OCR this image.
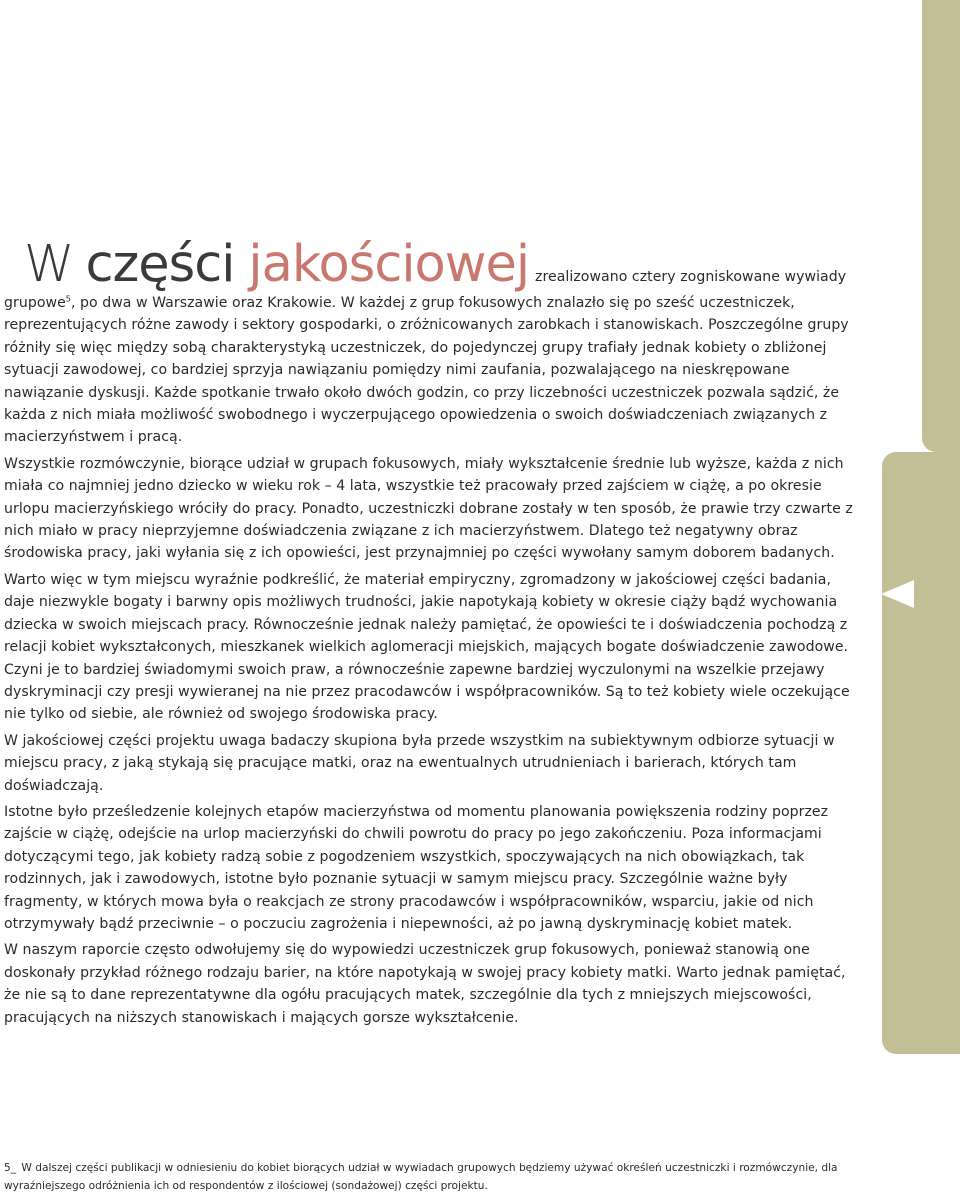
W części jakościowej zrealizowano cztery zogniskowane wywiady

grupowe$^5$, po dwa w Warszawie oraz Krakowie. W każdej z grup fokusowych znalazło się po sześć uczestniczek, reprezentujących różne zawody i sektory gospodarki, o zróżnicowanych zarobkach i stanowiskach. Poszczególne grupy różniły się więc między sobą charakterystyką uczestniczek, do pojedynczej grupy trafiały jednak kobiety o zbliżonej sytuacji zawodowej, co bardziej sprzyja nawiązaniu pomiędzy nimi zaufania, pozwalającego na nieskrępowane nawiązanie dyskusji. Każde spotkanie trwało około dwóch godzin, co przy liczebności uczestniczek pozwala sądzić, że każda z nich miała możliwość swobodnego i wyczerpującego opowiedzenia o swoich doświadczeniach związanych z macierzyństwem i pracą.

Wszystkie rozmówczynie, biorące udział w grupach fokusowych, miały wykształcenie średnie lub wyższe, każda z nich miała co najmniej jedno dziecko w wieku rok – 4 lata, wszystkie też pracowały przed zajściem w ciążę, a po okresie urlopu macierzyńskiego wróciły do pracy. Ponadto, uczestniczki dobrane zostały w ten sposób, że prawie trzy czwarte z nich miało w pracy nieprzyjemne doświadczenia związane z ich macierzyństwem. Dlatego też negatywny obraz środowiska pracy, jaki wyłania się z ich opowieści, jest przynajmniej po części wywołany samym doborem badanych.

Warto więc w tym miejscu wyraźnie podkreślić, że materiał empiryczny, zgromadzony w jakościowej części badania, daje niezwykle bogaty i barwny opis możliwych trudności, jakie napotykają kobiety w okresie ciąży bądź wychowania dziecka w swoich miejscach pracy. Równocześnie jednak należy pamiętać, że opowieści te i doświadczenia pochodzą z relacji kobiet wykształconych, mieszkanek wielkich aglomeracji miejskich, mających bogate doświadczenie zawodowe. Czyni je to bardziej świadomymi swoich praw, a równocześnie zapewne bardziej wyczulonymi na wszelkie przejawy dyskryminacji czy presji wywieranej na nie przez pracodawców i współpracowników. Są to też kobiety wiele oczekujące nie tylko od siebie, ale również od swojego środowiska pracy.

W jakościowej części projektu uwaga badaczy skupiona była przede wszystkim na subiektywnym odbiorze sytuacji w miejscu pracy, z jaką stykają się pracujące matki, oraz na ewentualnych utrudnieniach i barierach, których tam doświadczają.

Istotne było prześledzenie kolejnych etapów macierzyństwa od momentu planowania powiększenia rodziny poprzez zajście w ciążę, odejście na urlop macierzyński do chwili powrotu do pracy po jego zakończeniu. Poza informacjami dotyczącymi tego, jak kobiety radzą sobie z pogodzeniem wszystkich, spoczywających na nich obowiązkach, tak rodzinnych, jak i zawodowych, istotne było poznanie sytuacji w samym miejscu pracy. Szczególnie ważne były fragmenty, w których mowa była o reakcjach ze strony pracodawców i współpracowników, wsparciu, jakie od nich otrzymywały bądź przeciwnie – o poczuciu zagrożenia i niepewności, aż po jawną dyskryminację kobiet matek.

W naszym raporcie często odwołujemy się do wypowiedzi uczestniczek grup fokusowych, ponieważ stanowią one doskonały przykład różnego rodzaju barier, na które napotykają w swojej pracy kobiety matki. Warto jednak pamiętać, że nie są to dane reprezentatywne dla ogółu pracujących matek, szczególnie dla tych z mniejszych miejscowości, pracujących na niższych stanowiskach i mających gorsze wykształcenie.

5_ W dalszej części publikacji w odniesieniu do kobiet biorących udział w wywiadach grupowych będziemy używać określeń uczestniczki i rozmówczynie, dla wyraźniejszego odróżnienia ich od respondentów z ilościowej (sondażowej) części projektu.
